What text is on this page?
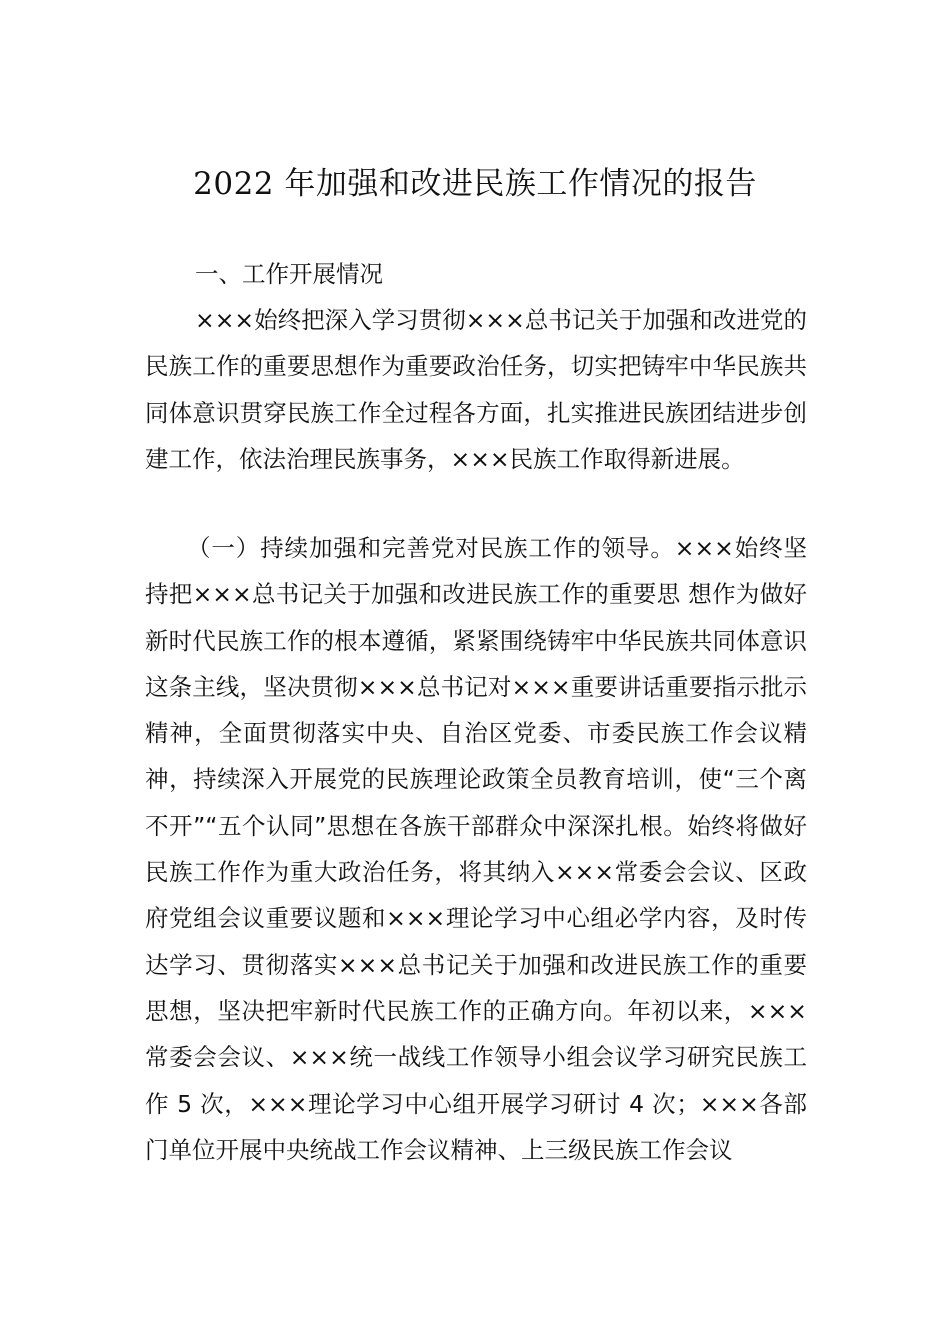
2022 年加强和改进民族工作情况的报告

一、工作开展情况

×××始终把深入学习贯彻×××总书记关于加强和改进党的民族工作的重要思想作为重要政治任务，切实把铸牢中华民族共同体意识贯穿民族工作全过程各方面，扎实推进民族团结进步创建工作，依法治理民族事务，×××民族工作取得新进展。

（一）持续加强和完善党对民族工作的领导。×××始终坚持把×××总书记关于加强和改进民族工作的重要思 想作为做好新时代民族工作的根本遵循，紧紧围绕铸牢中华民族共同体意识这条主线，坚决贯彻×××总书记对×××重要讲话重要指示批示精神，全面贯彻落实中央、自治区党委、市委民族工作会议精神，持续深入开展党的民族理论政策全员教育培训，使“三个离不开”“五个认同”思想在各族干部群众中深深扎根。始终将做好民族工作作为重大政治任务，将其纳入×××常委会会议、区政府党组会议重要议题和×××理论学习中心组必学内容，及时传达学习、贯彻落实×××总书记关于加强和改进民族工作的重要思想，坚决把牢新时代民族工作的正确方向。年初以来，×××常委会会议、×××统一战线工作领导小组会议学习研究民族工作 5 次，×××理论学习中心组开展学习研讨 4 次；×××各部门单位开展中央统战工作会议精神、上三级民族工作会议
